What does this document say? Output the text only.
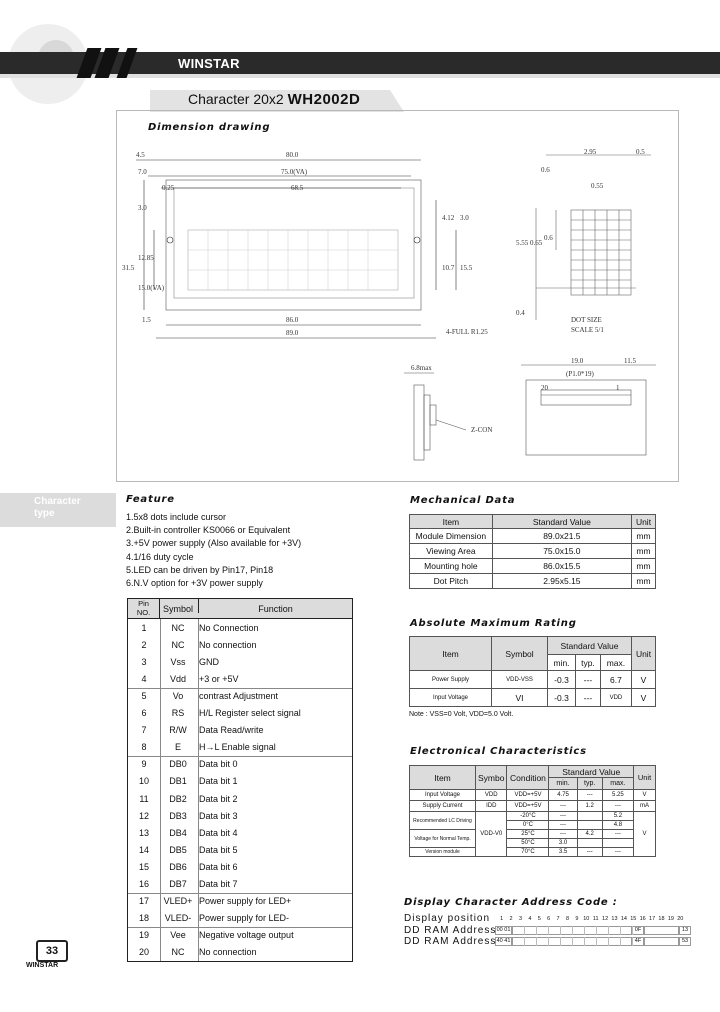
WINSTAR
Character 20x2 WH2002D
Dimension drawing
4.5	80.0
7.0	75.0(VA)
0.25	68.5
3.0
31.5
12.85
15.0(VA)
4.12 3.0
10.7 15.5
1.5	86.0
89.0	4-FULL R1.25
2.95	0.5
0.6
0.55
5.55 0.65
0.6
0.4
DOT SIZE
SCALE 5/1
6.8max
Z-CON
19.0	11.5
(P1.0*19)
20	1
Character
type
Feature
1.5x8 dots include cursor
2.Built-in controller KS0066 or Equivalent
3.+5V power supply (Also available for +3V)
4.1/16 duty cycle
5.LED can be driven by Pin17, Pin18
6.N.V option for +3V power supply
Pin
NO.	Symbol	Function
1	NC	No Connection
2	NC	No connection
3	Vss	GND
4	Vdd	+3 or +5V
5	Vo	contrast Adjustment
6	RS	H/L Register select signal
7	R/W	Data Read/write
8	E	H→L Enable signal
9	DB0	Data bit 0
10	DB1	Data bit 1
11	DB2	Data bit 2
12	DB3	Data bit 3
13	DB4	Data bit 4
14	DB5	Data bit 5
15	DB6	Data bit 6
16	DB7	Data bit 7
17	VLED+ Power supply for LED+
18	VLED- Power supply for LED-
19	Vee	Negative voltage output
20	NC	No connection
Mechanical Data
Item	Standard Value	Unit
Module Dimension	89.0x21.5	mm
Viewing Area	75.0x15.0	mm
Mounting hole	86.0x15.5	mm
Dot Pitch	2.95x5.15	mm
Absolute Maximum Rating
Item	Symbol	Standard Value			Unit
		min.	typ.	max.	
Power Supply	VDD-VSS	-0.3	---	6.7	V
Input Voltage	VI	-0.3	---	VDD	V
Note : VSS=0 Volt, VDD=5.0 Volt.
Electronical Characteristics
Item	Symbo	Condition	Standard Value			Unit
			min.	typ.	max.	
Input Voltage	VDD	VDD=+5V	4.75	---	5.25	V
Supply Current	IDD	VDD=+5V	---	1.2	---	mA
Recommended LC Driving	VDD-V0	-20°C	---		5.2	V
		0°C	---		4.8	
Voltage for Normal Temp.		25°C	---	4.2	---	
		50°C	3.0			
Version module		70°C	3.5	---	---	
Display Character Address Code :
Display position
DD RAM Address
DD RAM Address
1	2	3	4	5	6	7	8	9 10 11 12 13 14 15 16 17 18 19 20
00 01	0F	13
40 41	4F	53
33
WINSTAR
